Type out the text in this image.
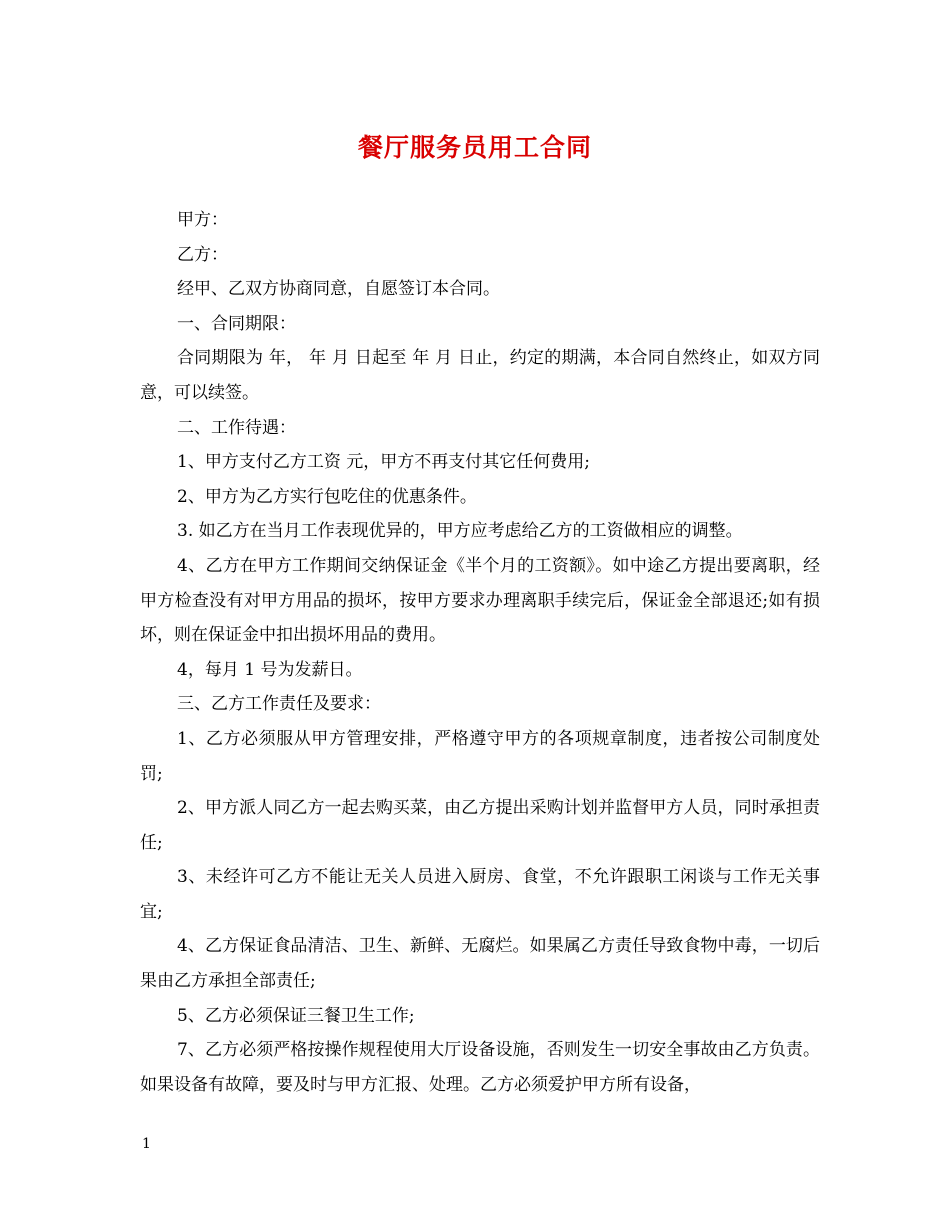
餐厅服务员用工合同

甲方：

乙方：

经甲、乙双方协商同意，自愿签订本合同。

一、合同期限：

合同期限为 年， 年 月 日起至 年 月 日止，约定的期满，本合同自然终止，如双方同意，可以续签。

二、工作待遇：

1、甲方支付乙方工资 元，甲方不再支付其它任何费用;

2、甲方为乙方实行包吃住的优惠条件。

3. 如乙方在当月工作表现优异的，甲方应考虑给乙方的工资做相应的调整。

4、乙方在甲方工作期间交纳保证金《半个月的工资额》。如中途乙方提出要离职，经甲方检查没有对甲方用品的损坏，按甲方要求办理离职手续完后，保证金全部退还;如有损坏，则在保证金中扣出损坏用品的费用。

4，每月 1 号为发薪日。

三、乙方工作责任及要求：

1、乙方必须服从甲方管理安排，严格遵守甲方的各项规章制度，违者按公司制度处罚;

2、甲方派人同乙方一起去购买菜，由乙方提出采购计划并监督甲方人员，同时承担责任;

3、未经许可乙方不能让无关人员进入厨房、食堂，不允许跟职工闲谈与工作无关事宜;

4、乙方保证食品清洁、卫生、新鲜、无腐烂。如果属乙方责任导致食物中毒，一切后果由乙方承担全部责任;

5、乙方必须保证三餐卫生工作;

7、乙方必须严格按操作规程使用大厅设备设施，否则发生一切安全事故由乙方负责。如果设备有故障，要及时与甲方汇报、处理。乙方必须爱护甲方所有设备，

1
